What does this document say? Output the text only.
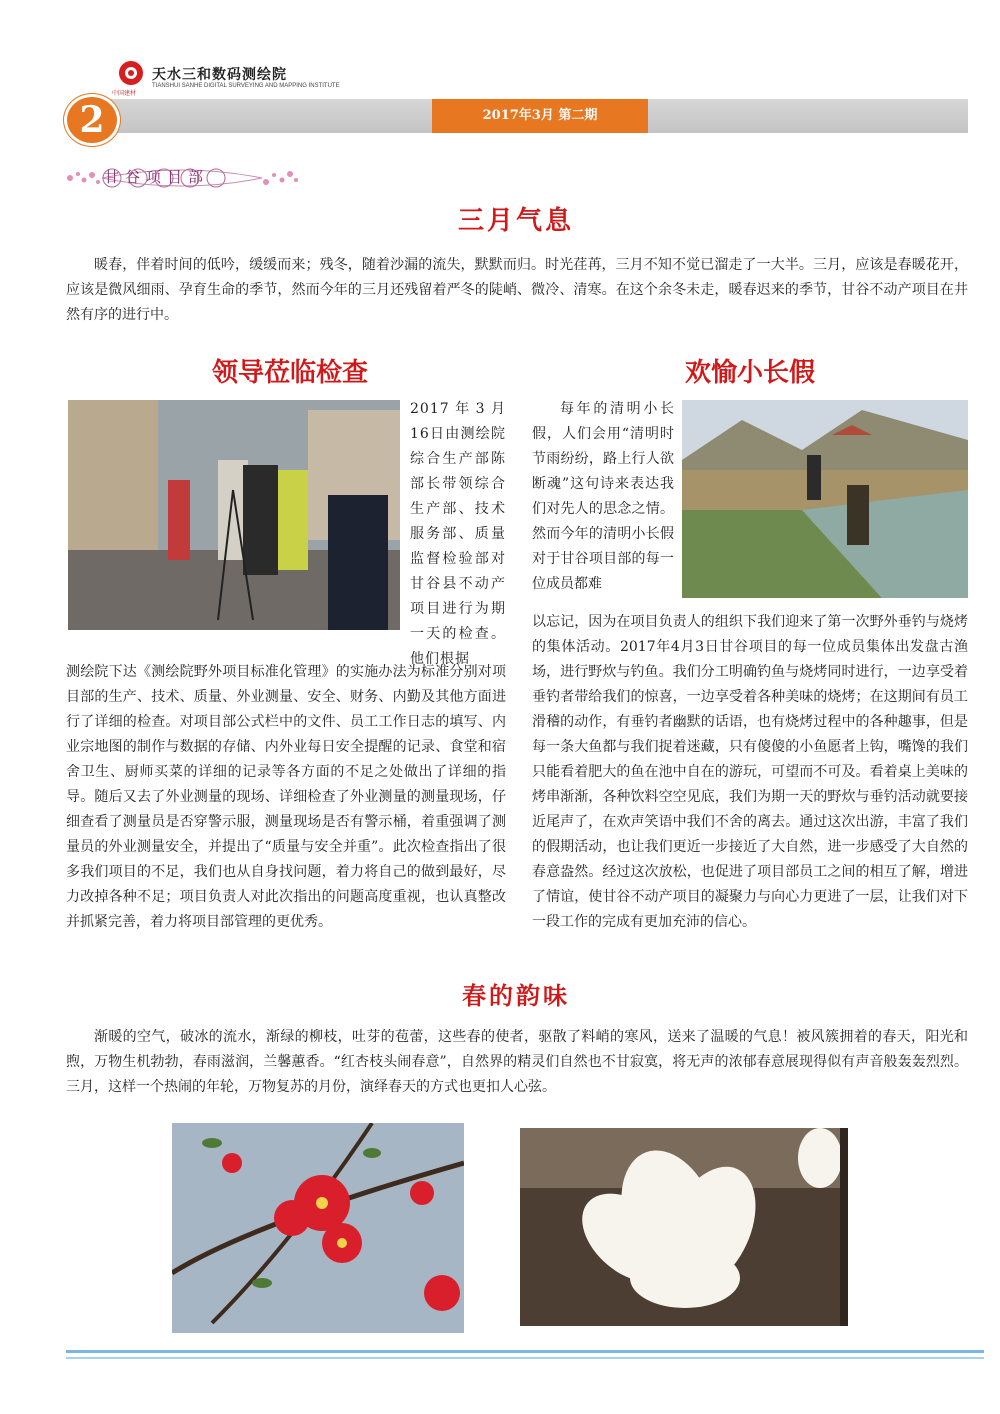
天水三和数码测绘院
TIANSHUI SANHE DIGITAL SURVEYING AND MAPPING INSTITUTE
中国建材
2017年3月 第二期
2
甘谷项目部
三月气息

暖春，伴着时间的低吟，缓缓而来；残冬，随着沙漏的流失，默默而归。时光荏苒，三月不知不觉已溜走了一大半。三月，应该是春暖花开，应该是微风细雨、孕育生命的季节，然而今年的三月还残留着严冬的陡峭、微冷、清寒。在这个余冬未走，暖春迟来的季节，甘谷不动产项目在井然有序的进行中。

领导莅临检查

2017年3月16日由测绘院综合生产部陈部长带领综合生产部、技术服务部、质量监督检验部对甘谷县不动产项目进行为期一天的检查。他们根据

测绘院下达《测绘院野外项目标准化管理》的实施办法为标准分别对项目部的生产、技术、质量、外业测量、安全、财务、内勤及其他方面进行了详细的检查。对项目部公式栏中的文件、员工工作日志的填写、内业宗地图的制作与数据的存储、内外业每日安全提醒的记录、食堂和宿舍卫生、厨师买菜的详细的记录等各方面的不足之处做出了详细的指导。随后又去了外业测量的现场、详细检查了外业测量的测量现场，仔细查看了测量员是否穿警示服，测量现场是否有警示桶，着重强调了测量员的外业测量安全，并提出了“质量与安全并重”。此次检查指出了很多我们项目的不足，我们也从自身找问题，着力将自己的做到最好，尽力改掉各种不足；项目负责人对此次指出的问题高度重视，也认真整改并抓紧完善，着力将项目部管理的更优秀。

欢愉小长假

每年的清明小长假，人们会用“清明时节雨纷纷，路上行人欲断魂”这句诗来表达我们对先人的思念之情。然而今年的清明小长假对于甘谷项目部的每一位成员都难

以忘记，因为在项目负责人的组织下我们迎来了第一次野外垂钓与烧烤的集体活动。2017年4月3日甘谷项目的每一位成员集体出发盘古渔场，进行野炊与钓鱼。我们分工明确钓鱼与烧烤同时进行，一边享受着垂钓者带给我们的惊喜，一边享受着各种美味的烧烤；在这期间有员工滑稽的动作，有垂钓者幽默的话语，也有烧烤过程中的各种趣事，但是每一条大鱼都与我们捉着迷藏，只有傻傻的小鱼愿者上钩，嘴馋的我们只能看着肥大的鱼在池中自在的游玩，可望而不可及。看着桌上美味的烤串渐渐，各种饮料空空见底，我们为期一天的野炊与垂钓活动就要接近尾声了，在欢声笑语中我们不舍的离去。通过这次出游，丰富了我们的假期活动，也让我们更近一步接近了大自然，进一步感受了大自然的春意盎然。经过这次放松，也促进了项目部员工之间的相互了解，增进了情谊，使甘谷不动产项目的凝聚力与向心力更进了一层，让我们对下一段工作的完成有更加充沛的信心。

春的韵味

渐暖的空气，破冰的流水，渐绿的柳枝，吐芽的苞蕾，这些春的使者，驱散了料峭的寒风，送来了温暖的气息！被风簇拥着的春天，阳光和煦，万物生机勃勃，春雨滋润，兰馨蕙香。“红杏枝头闹春意”，自然界的精灵们自然也不甘寂寞，将无声的浓郁春意展现得似有声音般轰轰烈烈。三月，这样一个热闹的年轮，万物复苏的月份，演绎春天的方式也更扣人心弦。
